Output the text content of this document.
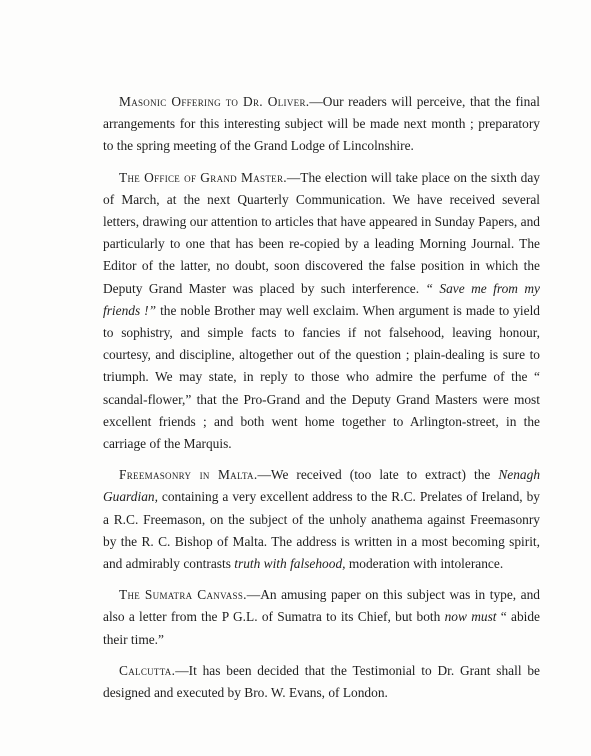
Masonic Offering to Dr. Oliver.—Our readers will perceive, that the final arrangements for this interesting subject will be made next month ; preparatory to the spring meeting of the Grand Lodge of Lincolnshire.

The Office of Grand Master.—The election will take place on the sixth day of March, at the next Quarterly Communication. We have received several letters, drawing our attention to articles that have appeared in Sunday Papers, and particularly to one that has been re-copied by a leading Morning Journal. The Editor of the latter, no doubt, soon discovered the false position in which the Deputy Grand Master was placed by such interference. “ Save me from my friends !” the noble Brother may well exclaim. When argument is made to yield to sophistry, and simple facts to fancies if not falsehood, leaving honour, courtesy, and discipline, altogether out of the question ; plain-dealing is sure to triumph. We may state, in reply to those who admire the perfume of the “ scandal-flower,” that the Pro-Grand and the Deputy Grand Masters were most excellent friends ; and both went home together to Arlington-street, in the carriage of the Marquis.

Freemasonry in Malta.—We received (too late to extract) the Nenagh Guardian, containing a very excellent address to the R.C. Prelates of Ireland, by a R.C. Freemason, on the subject of the unholy anathema against Freemasonry by the R. C. Bishop of Malta. The address is written in a most becoming spirit, and admirably contrasts truth with falsehood, moderation with intolerance.

The Sumatra Canvass.—An amusing paper on this subject was in type, and also a letter from the P G.L. of Sumatra to its Chief, but both now must “ abide their time.”

Calcutta.—It has been decided that the Testimonial to Dr. Grant shall be designed and executed by Bro. W. Evans, of London.
